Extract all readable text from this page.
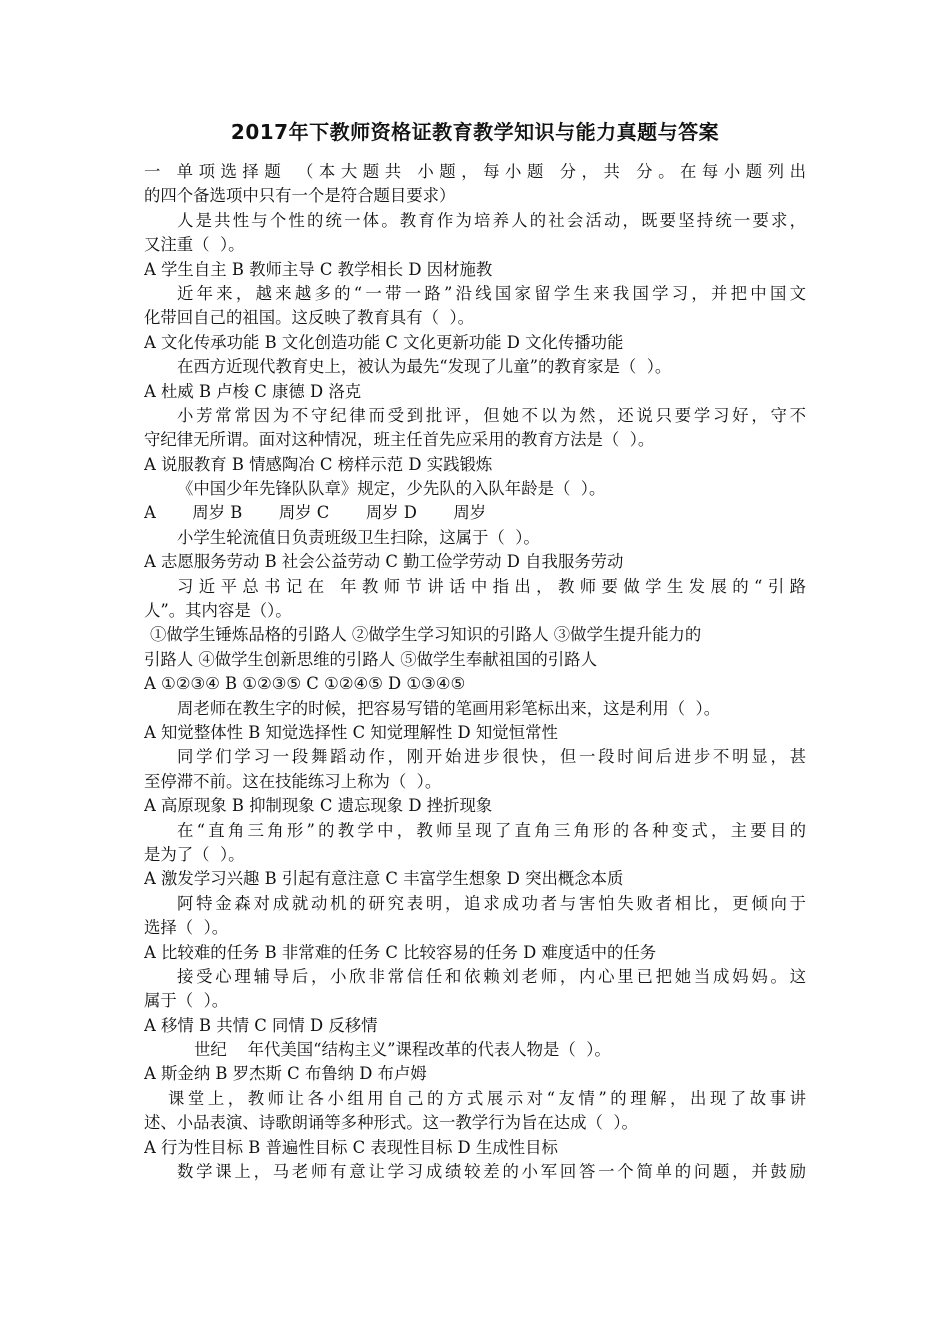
2017年下教师资格证教育教学知识与能力真题与答案
一 单项选择题 （本大题共 小题，每小题 分，共 分。在每小题列出
的四个备选项中只有一个是符合题目要求）
人是共性与个性的统一体。教育作为培养人的社会活动，既要坚持统一要求，
又注重（  ）。
A 学生自主 B 教师主导 C 教学相长 D 因材施教
近年来，越来越多的“一带一路”沿线国家留学生来我国学习，并把中国文
化带回自己的祖国。这反映了教育具有（  ）。
A 文化传承功能 B 文化创造功能 C 文化更新功能 D 文化传播功能
在西方近现代教育史上，被认为最先“发现了儿童”的教育家是（  ）。
A 杜威 B 卢梭 C 康德 D 洛克
小芳常常因为不守纪律而受到批评，但她不以为然，还说只要学习好，守不
守纪律无所谓。面对这种情况，班主任首先应采用的教育方法是（  ）。
A 说服教育 B 情感陶冶 C 榜样示范 D 实践锻炼
《中国少年先锋队队章》规定，少先队的入队年龄是（  ）。
A       周岁 B       周岁 C       周岁 D       周岁
小学生轮流值日负责班级卫生扫除，这属于（  ）。
A 志愿服务劳动 B 社会公益劳动 C 勤工俭学劳动 D 自我服务劳动
习近平总书记在 年教师节讲话中指出，教师要做学生发展的“引路
人”。其内容是（）。
①做学生锤炼品格的引路人 ②做学生学习知识的引路人 ③做学生提升能力的
引路人 ④做学生创新思维的引路人 ⑤做学生奉献祖国的引路人
A ①②③④ B ①②③⑤ C ①②④⑤ D ①③④⑤
周老师在教生字的时候，把容易写错的笔画用彩笔标出来，这是利用（  ）。
A 知觉整体性 B 知觉选择性 C 知觉理解性 D 知觉恒常性
同学们学习一段舞蹈动作，刚开始进步很快，但一段时间后进步不明显，甚
至停滞不前。这在技能练习上称为（  ）。
A 高原现象 B 抑制现象 C 遗忘现象 D 挫折现象
在“直角三角形”的教学中，教师呈现了直角三角形的各种变式，主要目的
是为了（  ）。
A 激发学习兴趣 B 引起有意注意 C 丰富学生想象 D 突出概念本质
阿特金森对成就动机的研究表明，追求成功者与害怕失败者相比，更倾向于
选择（  ）。
A 比较难的任务 B 非常难的任务 C 比较容易的任务 D 难度适中的任务
接受心理辅导后，小欣非常信任和依赖刘老师，内心里已把她当成妈妈。这
属于（  ）。
A 移情 B 共情 C 同情 D 反移情
世纪    年代美国“结构主义”课程改革的代表人物是（  ）。
A 斯金纳 B 罗杰斯 C 布鲁纳 D 布卢姆
课堂上，教师让各小组用自己的方式展示对“友情”的理解，出现了故事讲
述、小品表演、诗歌朗诵等多种形式。这一教学行为旨在达成（  ）。
A 行为性目标 B 普遍性目标 C 表现性目标 D 生成性目标
数学课上，马老师有意让学习成绩较差的小军回答一个简单的问题，并鼓励
